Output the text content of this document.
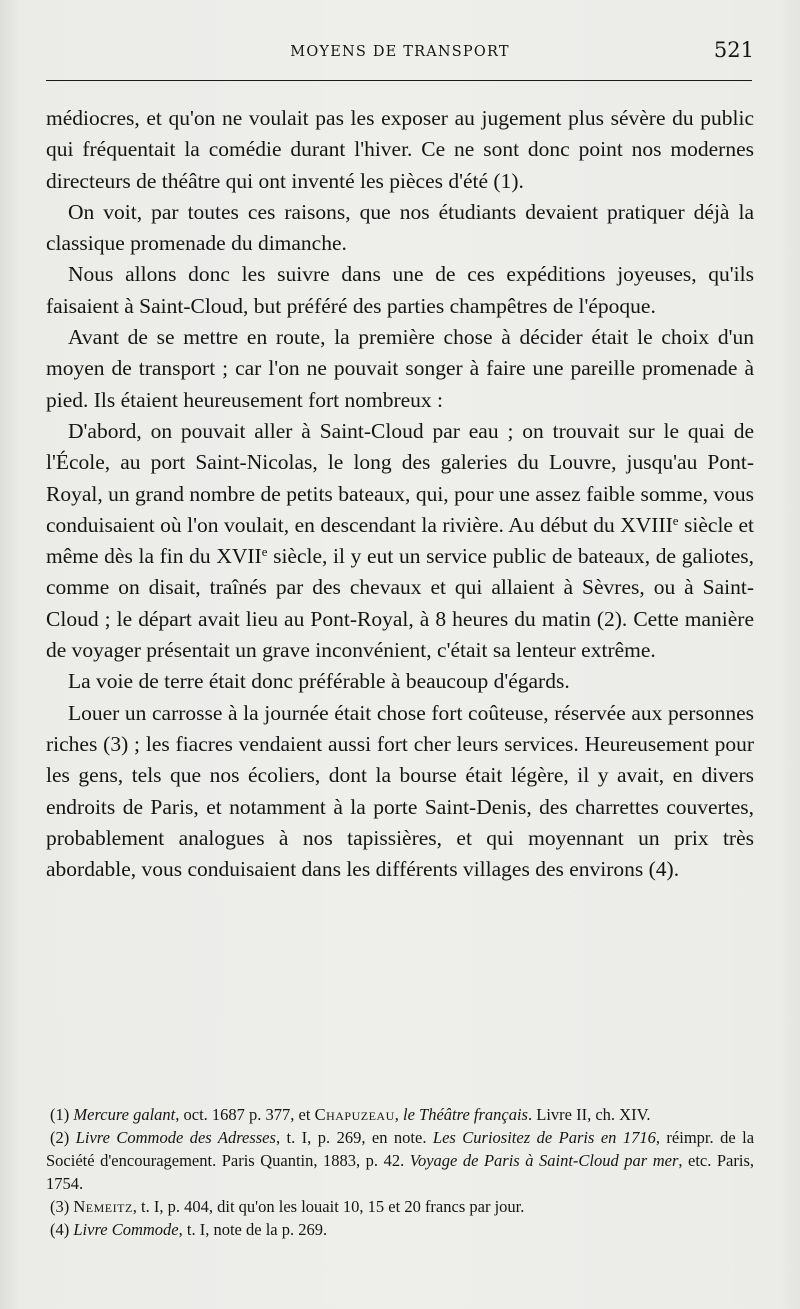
MOYENS DE TRANSPORT	521

médiocres, et qu'on ne voulait pas les exposer au jugement plus sévère du public qui fréquentait la comédie durant l'hiver. Ce ne sont donc point nos modernes directeurs de théâtre qui ont inventé les pièces d'été (1).

On voit, par toutes ces raisons, que nos étudiants devaient pratiquer déjà la classique promenade du dimanche.

Nous allons donc les suivre dans une de ces expéditions joyeuses, qu'ils faisaient à Saint-Cloud, but préféré des parties champêtres de l'époque.

Avant de se mettre en route, la première chose à décider était le choix d'un moyen de transport ; car l'on ne pouvait songer à faire une pareille promenade à pied. Ils étaient heureusement fort nombreux :

D'abord, on pouvait aller à Saint-Cloud par eau ; on trouvait sur le quai de l'École, au port Saint-Nicolas, le long des galeries du Louvre, jusqu'au Pont-Royal, un grand nombre de petits bateaux, qui, pour une assez faible somme, vous conduisaient où l'on voulait, en descendant la rivière. Au début du XVIIIe siècle et même dès la fin du XVIIe siècle, il y eut un service public de bateaux, de galiotes, comme on disait, traînés par des chevaux et qui allaient à Sèvres, ou à Saint-Cloud ; le départ avait lieu au Pont-Royal, à 8 heures du matin (2). Cette manière de voyager présentait un grave inconvénient, c'était sa lenteur extrême.

La voie de terre était donc préférable à beaucoup d'égards.

Louer un carrosse à la journée était chose fort coûteuse, réservée aux personnes riches (3) ; les fiacres vendaient aussi fort cher leurs services. Heureusement pour les gens, tels que nos écoliers, dont la bourse était légère, il y avait, en divers endroits de Paris, et notamment à la porte Saint-Denis, des charrettes couvertes, probablement analogues à nos tapissières, et qui moyennant un prix très abordable, vous conduisaient dans les différents villages des environs (4).

(1) Mercure galant, oct. 1687 p. 377, et Chapuzeau, le Théâtre français. Livre II, ch. XIV.

(2) Livre Commode des Adresses, t. I, p. 269, en note. Les Curiositez de Paris en 1716, réimpr. de la Société d'encouragement. Paris Quantin, 1883, p. 42. Voyage de Paris à Saint-Cloud par mer, etc. Paris, 1754.

(3) Nemeitz, t. I, p. 404, dit qu'on les louait 10, 15 et 20 francs par jour.

(4) Livre Commode, t. I, note de la p. 269.
